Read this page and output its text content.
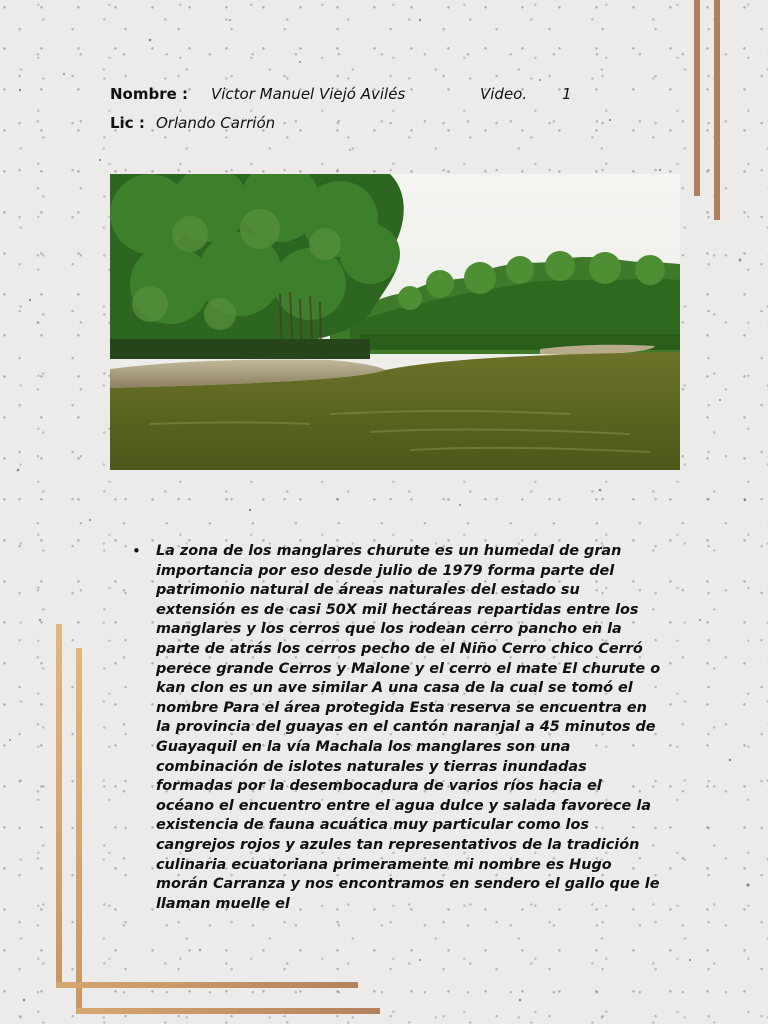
Nombre : Victor Manuel Viejó Avilés	Video. 1
Lic : Orlando Carrión
• La zona de los manglares churute es un humedal de gran importancia por eso desde julio de 1979 forma parte del patrimonio natural de áreas naturales del estado su extensión es de casi 50X mil hectáreas repartidas entre los manglares y los cerros que los rodean cerro pancho en la parte de atrás los cerros pecho de el Niño Cerro chico Cerró perece grande Cerros y Malone y el cerro el mate El churute o kan clon es un ave similar A una casa de la cual se tomó el nombre Para el área protegida Esta reserva se encuentra en la provincia del guayas en el cantón naranjal a 45 minutos de Guayaquil en la vía Machala los manglares son una combinación de islotes naturales y tierras inundadas formadas por la desembocadura de varios ríos hacia el océano el encuentro entre el agua dulce y salada favorece la existencia de fauna acuática muy particular como los cangrejos rojos y azules tan representativos de la tradición culinaria ecuatoriana primeramente mi nombre es Hugo morán Carranza y nos encontramos en sendero el gallo que le llaman muelle el
